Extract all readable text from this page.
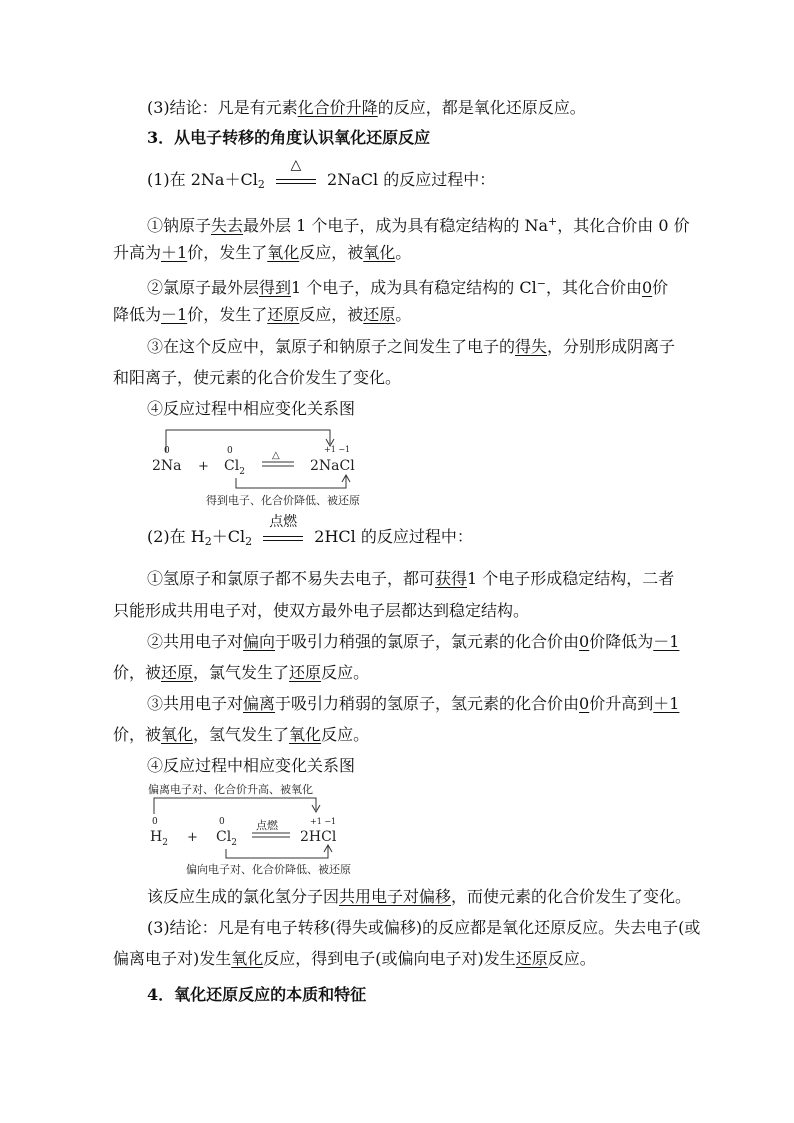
(3)结论：凡是有元素化合价升降的反应，都是氧化还原反应。
3．从电子转移的角度认识氧化还原反应
(1)在 $2Na+Cl_2$
△
2NaCl 的反应过程中：
①钠原子失去最外层 1 个电子，成为具有稳定结构的 Na+，其化合价由 0 价
升高为＋1价，发生了氧化反应，被氧化。
②氯原子最外层得到1 个电子，成为具有稳定结构的 Cl−，其化合价由0价
降低为－1价，发生了还原反应，被还原。
③在这个反应中，氯原子和钠原子之间发生了电子的得失，分别形成阴离子
和阳离子，使元素的化合价发生了变化。
④反应过程中相应变化关系图
0
2Na +
0
$Cl_2$
△
+1 −1
2NaCl
得到电子、化合价降低、被还原
(2)在 $H_2+Cl_2$
点燃
2HCl 的反应过程中：
①氢原子和氯原子都不易失去电子，都可获得1 个电子形成稳定结构，二者
只能形成共用电子对，使双方最外电子层都达到稳定结构。
②共用电子对偏向于吸引力稍强的氯原子，氯元素的化合价由0价降低为－1
价，被还原，氯气发生了还原反应。
③共用电子对偏离于吸引力稍弱的氢原子，氢元素的化合价由0价升高到＋1
价，被氧化，氢气发生了氧化反应。
④反应过程中相应变化关系图
偏离电子对、化合价升高、被氧化
0
$H_2$ +
0
$Cl_2$
点燃	+1 −1
2HCl
偏向电子对、化合价降低、被还原
该反应生成的氯化氢分子因共用电子对偏移，而使元素的化合价发生了变化。
(3)结论：凡是有电子转移(得失或偏移)的反应都是氧化还原反应。失去电子(或
偏离电子对)发生氧化反应，得到电子(或偏向电子对)发生还原反应。
4．氧化还原反应的本质和特征
